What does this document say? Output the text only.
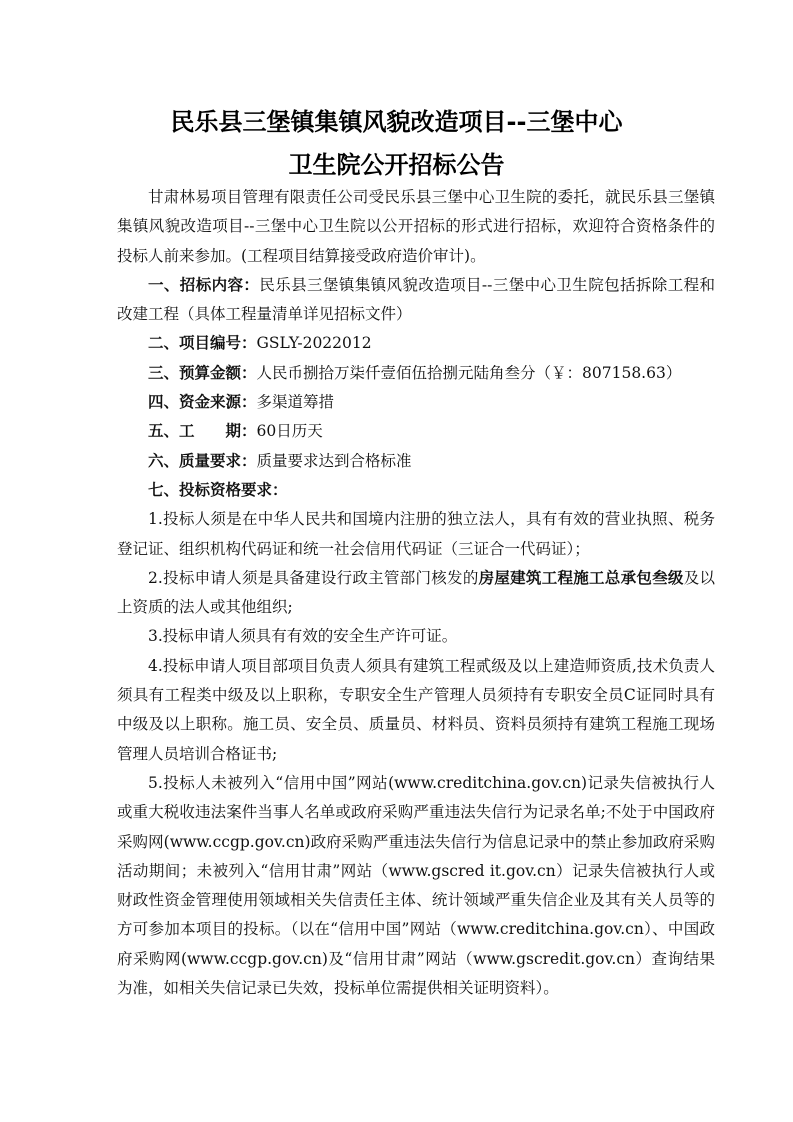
民乐县三堡镇集镇风貌改造项目--三堡中心
卫生院公开招标公告

甘肃林易项目管理有限责任公司受民乐县三堡中心卫生院的委托，就民乐县三堡镇集镇风貌改造项目--三堡中心卫生院以公开招标的形式进行招标，欢迎符合资格条件的投标人前来参加。(工程项目结算接受政府造价审计)。

一、招标内容：民乐县三堡镇集镇风貌改造项目--三堡中心卫生院包括拆除工程和改建工程（具体工程量清单详见招标文件）

二、项目编号：GSLY-2022012

三、预算金额：人民币捌拾万柒仟壹佰伍拾捌元陆角叁分（￥：807158.63）

四、资金来源：多渠道筹措

五、工　　期：60日历天

六、质量要求：质量要求达到合格标准

七、投标资格要求：

1.投标人须是在中华人民共和国境内注册的独立法人，具有有效的营业执照、税务登记证、组织机构代码证和统一社会信用代码证（三证合一代码证）；

2.投标申请人须是具备建设行政主管部门核发的房屋建筑工程施工总承包叁级及以上资质的法人或其他组织;

3.投标申请人须具有有效的安全生产许可证。

4.投标申请人项目部项目负责人须具有建筑工程贰级及以上建造师资质,技术负责人须具有工程类中级及以上职称，专职安全生产管理人员须持有专职安全员C证同时具有中级及以上职称。施工员、安全员、质量员、材料员、资料员须持有建筑工程施工现场管理人员培训合格证书;

5.投标人未被列入“信用中国”网站(www.creditchina.gov.cn)记录失信被执行人或重大税收违法案件当事人名单或政府采购严重违法失信行为记录名单;不处于中国政府采购网(www.ccgp.gov.cn)政府采购严重违法失信行为信息记录中的禁止参加政府采购活动期间；未被列入“信用甘肃”网站（www.gscred it.gov.cn）记录失信被执行人或财政性资金管理使用领域相关失信责任主体、统计领域严重失信企业及其有关人员等的方可参加本项目的投标。（以在“信用中国”网站（www.creditchina.gov.cn）、中国政府采购网(www.ccgp.gov.cn)及“信用甘肃”网站（www.gscredit.gov.cn）查询结果为准，如相关失信记录已失效，投标单位需提供相关证明资料）。
